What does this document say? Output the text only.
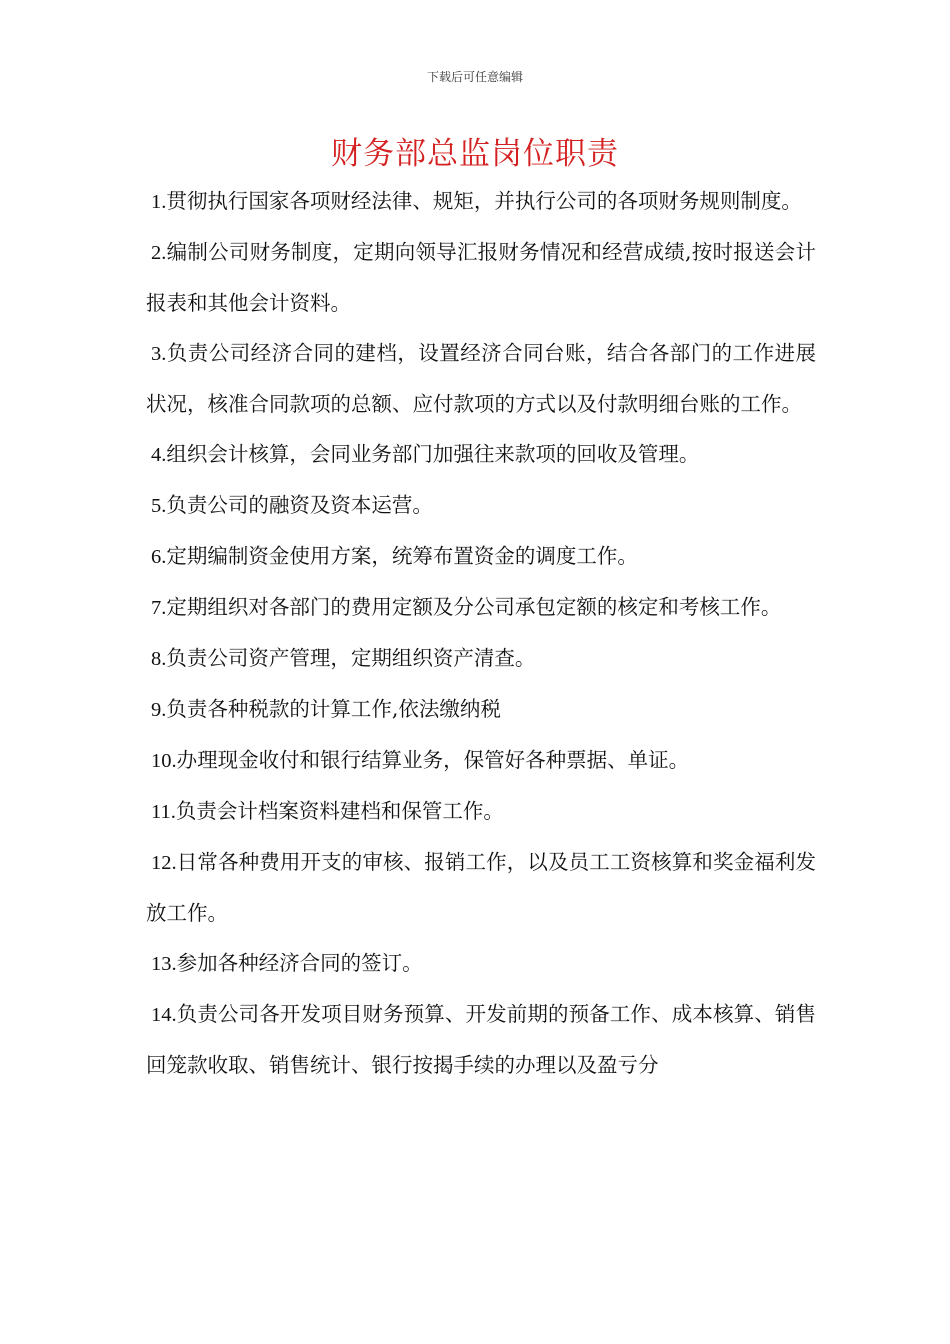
下载后可任意编辑
财务部总监岗位职责

1.贯彻执行国家各项财经法律、规矩，并执行公司的各项财务规则制度。

2.编制公司财务制度，定期向领导汇报财务情况和经营成绩,按时报送会计报表和其他会计资料。

3.负责公司经济合同的建档，设置经济合同台账，结合各部门的工作进展状况，核准合同款项的总额、应付款项的方式以及付款明细台账的工作。

4.组织会计核算，会同业务部门加强往来款项的回收及管理。

5.负责公司的融资及资本运营。

6.定期编制资金使用方案，统筹布置资金的调度工作。

7.定期组织对各部门的费用定额及分公司承包定额的核定和考核工作。

8.负责公司资产管理，定期组织资产清查。

9.负责各种税款的计算工作,依法缴纳税

10.办理现金收付和银行结算业务，保管好各种票据、单证。

11.负责会计档案资料建档和保管工作。

12.日常各种费用开支的审核、报销工作，以及员工工资核算和奖金福利发放工作。

13.参加各种经济合同的签订。

14.负责公司各开发项目财务预算、开发前期的预备工作、成本核算、销售回笼款收取、销售统计、银行按揭手续的办理以及盈亏分
